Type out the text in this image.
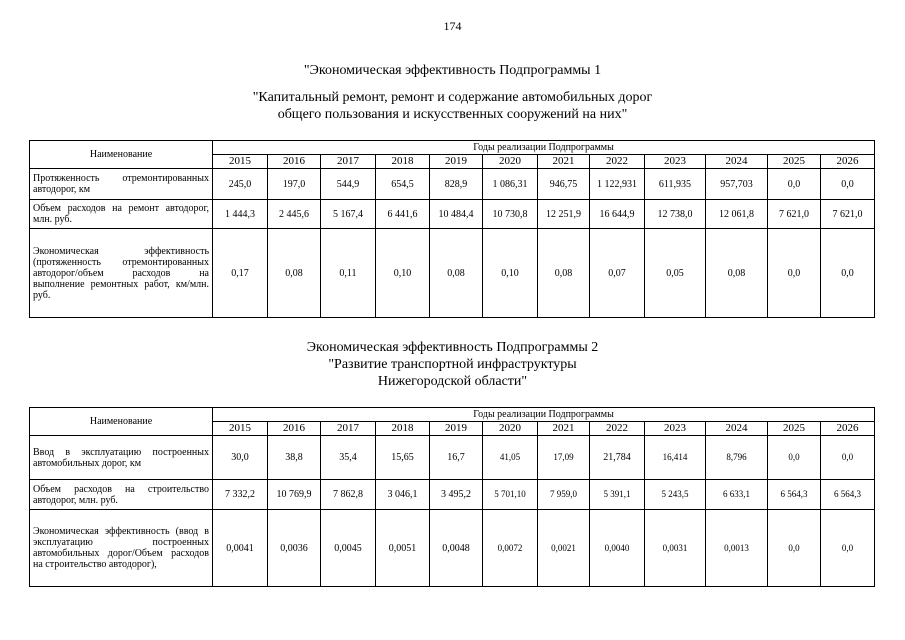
174
"Экономическая эффективность Подпрограммы 1
"Капитальный ремонт, ремонт и содержание автомобильных дорог
общего пользования и искусственных сооружений на них"
Наименование	Годы реализации Подпрограммы											
	2015	2016	2017	2018	2019	2020	2021	2022	2023	2024	2025	2026
Протяженность отремонтированных автодорог, км	245,0	197,0	544,9	654,5	828,9	1 086,31	946,75	1 122,931	611,935	957,703	0,0	0,0
Объем расходов на ремонт автодорог, млн. руб.	1 444,3	2 445,6	5 167,4	6 441,6	10 484,4	10 730,8	12 251,9	16 644,9	12 738,0	12 061,8	7 621,0	7 621,0
Экономическая эффективность (протяженность отремонтированных автодорог/объем расходов на выполнение ремонтных работ, км/млн. руб.	0,17	0,08	0,11	0,10	0,08	0,10	0,08	0,07	0,05	0,08	0,0	0,0
Экономическая эффективность Подпрограммы 2
"Развитие транспортной инфраструктуры
Нижегородской области"
Наименование	Годы реализации Подпрограммы											
	2015	2016	2017	2018	2019	2020	2021	2022	2023	2024	2025	2026
Ввод в эксплуатацию построенных автомобильных дорог, км	30,0	38,8	35,4	15,65	16,7	41,05	17,09	21,784	16,414	8,796	0,0	0,0
Объем расходов на строительство автодорог, млн. руб.	7 332,2	10 769,9	7 862,8	3 046,1	3 495,2	5 701,10	7 959,0	5 391,1	5 243,5	6 633,1	6 564,3	6 564,3
Экономическая эффективность (ввод в эксплуатацию построенных автомобильных дорог/Объем расходов на строительство автодорог),	0,0041	0,0036	0,0045	0,0051	0,0048	0,0072	0,0021	0,0040	0,0031	0,0013	0,0	0,0
